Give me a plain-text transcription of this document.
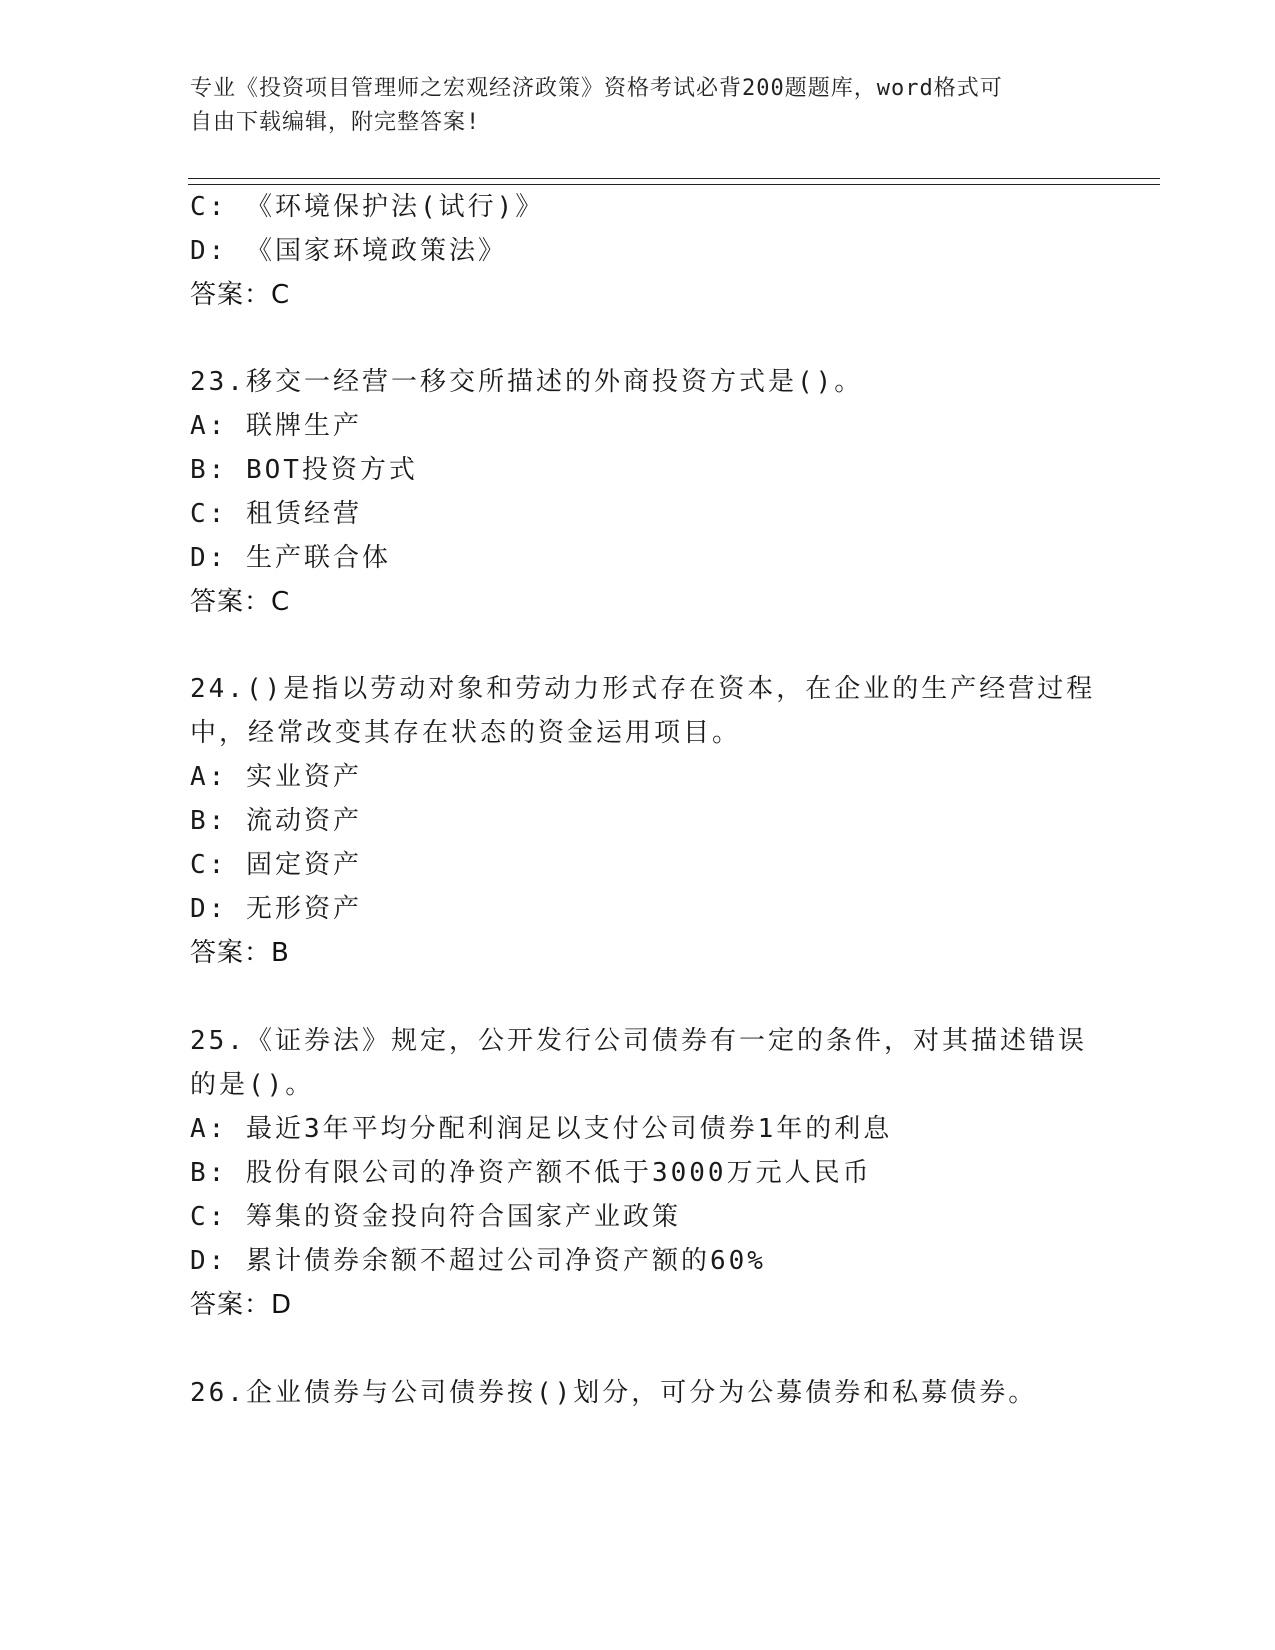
专业《投资项目管理师之宏观经济政策》资格考试必背200题题库，word格式可
自由下载编辑，附完整答案!
C: 《环境保护法(试行)》
D: 《国家环境政策法》
答案：C
23.移交一经营一移交所描述的外商投资方式是()。
A: 联牌生产
B: BOT投资方式
C: 租赁经营
D: 生产联合体
答案：C
24.()是指以劳动对象和劳动力形式存在资本，在企业的生产经营过程
中，经常改变其存在状态的资金运用项目。
A: 实业资产
B: 流动资产
C: 固定资产
D: 无形资产
答案：B
25.《证券法》规定，公开发行公司债券有一定的条件，对其描述错误
的是()。
A: 最近3年平均分配利润足以支付公司债券1年的利息
B: 股份有限公司的净资产额不低于3000万元人民币
C: 筹集的资金投向符合国家产业政策
D: 累计债券余额不超过公司净资产额的60%
答案：D
26.企业债券与公司债券按()划分，可分为公募债券和私募债券。
